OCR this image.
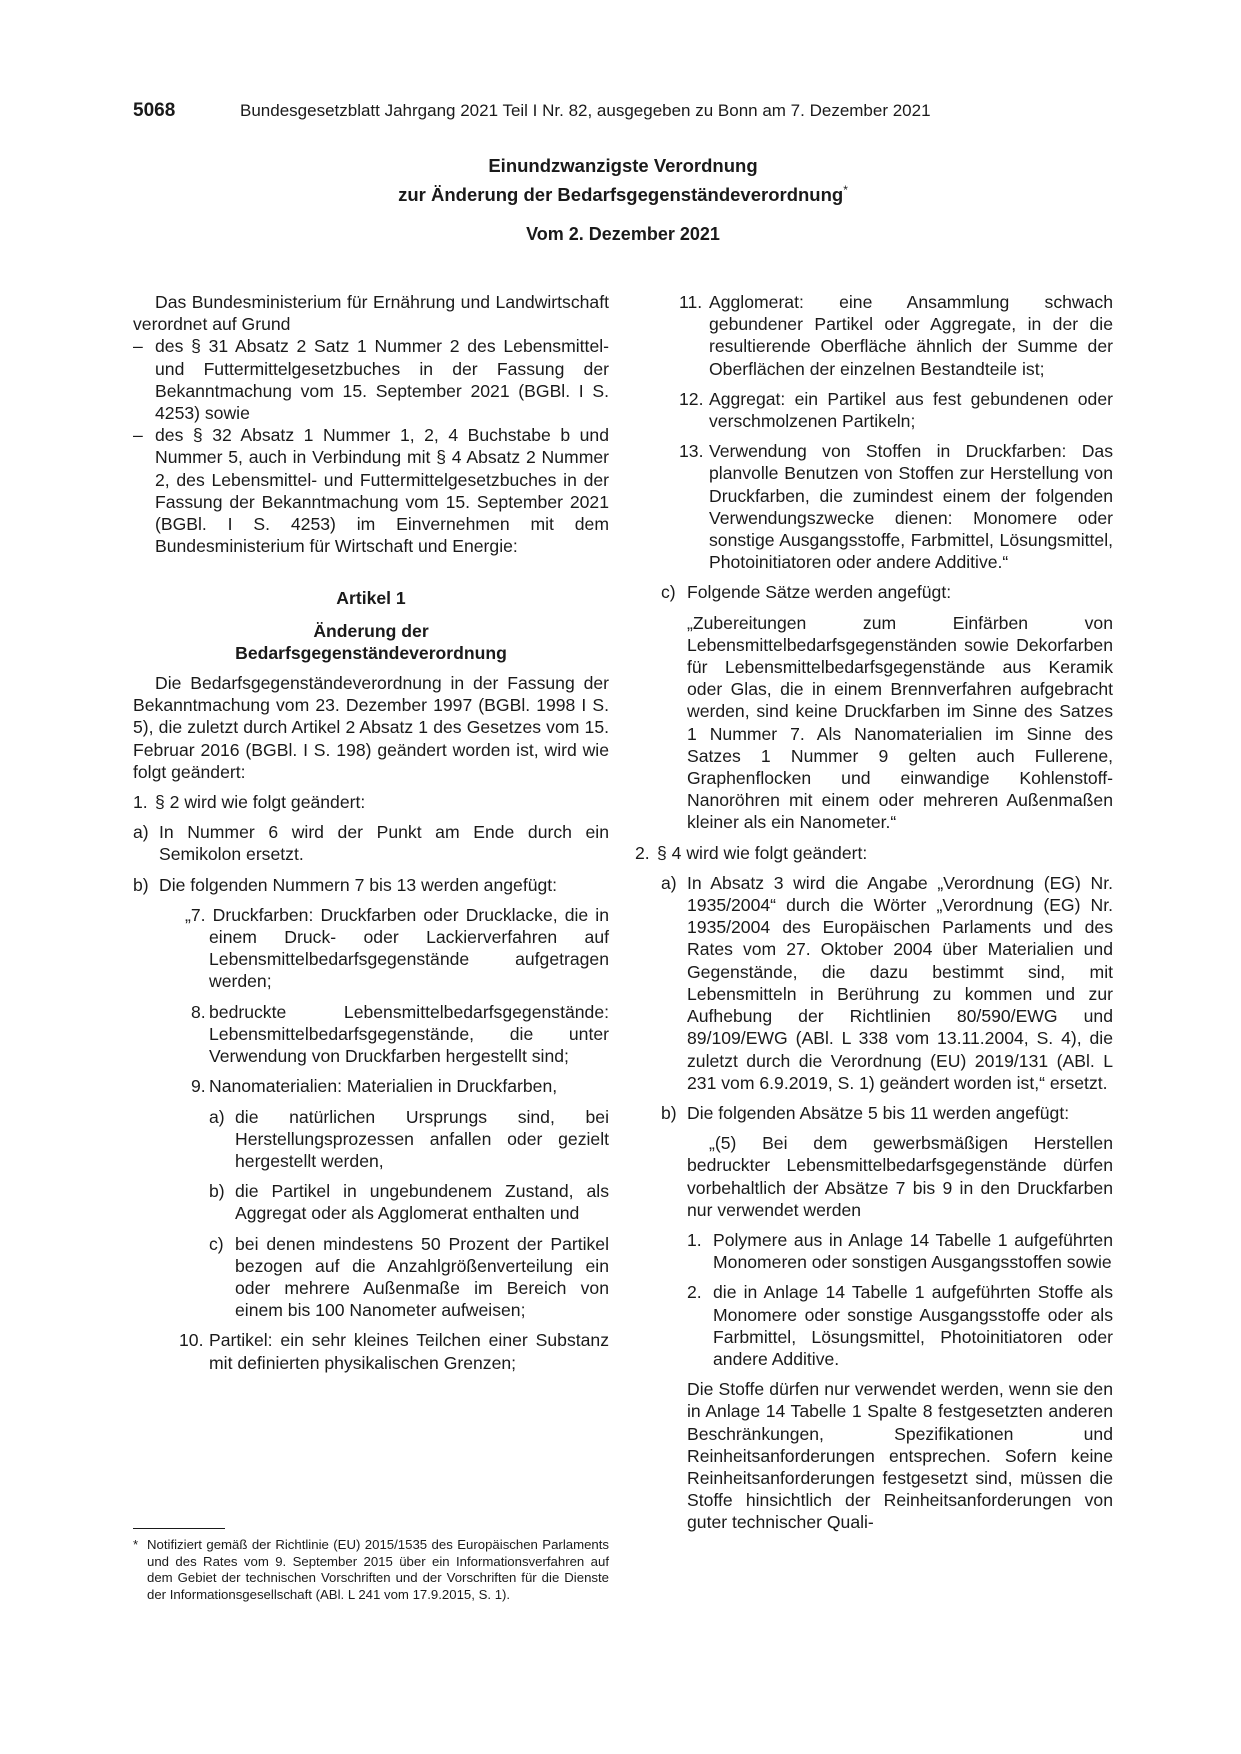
5068	Bundesgesetzblatt Jahrgang 2021 Teil I Nr. 82, ausgegeben zu Bonn am 7. Dezember 2021
Einundzwanzigste Verordnung
zur Änderung der Bedarfsgegenständeverordnung*
Vom 2. Dezember 2021

Das Bundesministerium für Ernährung und Landwirtschaft verordnet auf Grund

– des § 31 Absatz 2 Satz 1 Nummer 2 des Lebensmittel- und Futtermittelgesetzbuches in der Fassung der Bekanntmachung vom 15. September 2021 (BGBl. I S. 4253) sowie

– des § 32 Absatz 1 Nummer 1, 2, 4 Buchstabe b und Nummer 5, auch in Verbindung mit § 4 Absatz 2 Nummer 2, des Lebensmittel- und Futtermittelgesetzbuches in der Fassung der Bekanntmachung vom 15. September 2021 (BGBl. I S. 4253) im Einvernehmen mit dem Bundesministerium für Wirtschaft und Energie:

Artikel 1

Änderung der

Bedarfsgegenständeverordnung

Die Bedarfsgegenständeverordnung in der Fassung der Bekanntmachung vom 23. Dezember 1997 (BGBl. 1998 I S. 5), die zuletzt durch Artikel 2 Absatz 1 des Gesetzes vom 15. Februar 2016 (BGBl. I S. 198) geändert worden ist, wird wie folgt geändert:

1. § 2 wird wie folgt geändert:

a) In Nummer 6 wird der Punkt am Ende durch ein Semikolon ersetzt.

b) Die folgenden Nummern 7 bis 13 werden angefügt:

„7. Druckfarben: Druckfarben oder Drucklacke, die in einem Druck- oder Lackierverfahren auf Lebensmittelbedarfsgegenstände aufgetragen werden;

8. bedruckte Lebensmittelbedarfsgegenstände: Lebensmittelbedarfsgegenstände, die unter Verwendung von Druckfarben hergestellt sind;

9. Nanomaterialien: Materialien in Druckfarben,

a) die natürlichen Ursprungs sind, bei Herstellungsprozessen anfallen oder gezielt hergestellt werden,

b) die Partikel in ungebundenem Zustand, als Aggregat oder als Agglomerat enthalten und

c) bei denen mindestens 50 Prozent der Partikel bezogen auf die Anzahlgrößenverteilung ein oder mehrere Außenmaße im Bereich von einem bis 100 Nanometer aufweisen;

10. Partikel: ein sehr kleines Teilchen einer Substanz mit definierten physikalischen Grenzen;

11. Agglomerat: eine Ansammlung schwach gebundener Partikel oder Aggregate, in der die resultierende Oberfläche ähnlich der Summe der Oberflächen der einzelnen Bestandteile ist;

12. Aggregat: ein Partikel aus fest gebundenen oder verschmolzenen Partikeln;

13. Verwendung von Stoffen in Druckfarben: Das planvolle Benutzen von Stoffen zur Herstellung von Druckfarben, die zumindest einem der folgenden Verwendungszwecke dienen: Monomere oder sonstige Ausgangsstoffe, Farbmittel, Lösungsmittel, Photoinitiatoren oder andere Additive.“

c) Folgende Sätze werden angefügt:

„Zubereitungen zum Einfärben von Lebensmittelbedarfsgegenständen sowie Dekorfarben für Lebensmittelbedarfsgegenstände aus Keramik oder Glas, die in einem Brennverfahren aufgebracht werden, sind keine Druckfarben im Sinne des Satzes 1 Nummer 7. Als Nanomaterialien im Sinne des Satzes 1 Nummer 9 gelten auch Fullerene, Graphenflocken und einwandige Kohlenstoff-Nanoröhren mit einem oder mehreren Außenmaßen kleiner als ein Nanometer.“

2. § 4 wird wie folgt geändert:

a) In Absatz 3 wird die Angabe „Verordnung (EG) Nr. 1935/2004“ durch die Wörter „Verordnung (EG) Nr. 1935/2004 des Europäischen Parlaments und des Rates vom 27. Oktober 2004 über Materialien und Gegenstände, die dazu bestimmt sind, mit Lebensmitteln in Berührung zu kommen und zur Aufhebung der Richtlinien 80/590/EWG und 89/109/EWG (ABl. L 338 vom 13.11.2004, S. 4), die zuletzt durch die Verordnung (EU) 2019/131 (ABl. L 231 vom 6.9.2019, S. 1) geändert worden ist,“ ersetzt.

b) Die folgenden Absätze 5 bis 11 werden angefügt:

„(5) Bei dem gewerbsmäßigen Herstellen bedruckter Lebensmittelbedarfsgegenstände dürfen vorbehaltlich der Absätze 7 bis 9 in den Druckfarben nur verwendet werden

1. Polymere aus in Anlage 14 Tabelle 1 aufgeführten Monomeren oder sonstigen Ausgangsstoffen sowie

2. die in Anlage 14 Tabelle 1 aufgeführten Stoffe als Monomere oder sonstige Ausgangsstoffe oder als Farbmittel, Lösungsmittel, Photoinitiatoren oder andere Additive.

Die Stoffe dürfen nur verwendet werden, wenn sie den in Anlage 14 Tabelle 1 Spalte 8 festgesetzten anderen Beschränkungen, Spezifikationen und Reinheitsanforderungen entsprechen. Sofern keine Reinheitsanforderungen festgesetzt sind, müssen die Stoffe hinsichtlich der Reinheitsanforderungen von guter technischer Quali-

* Notifiziert gemäß der Richtlinie (EU) 2015/1535 des Europäischen Parlaments und des Rates vom 9. September 2015 über ein Informationsverfahren auf dem Gebiet der technischen Vorschriften und der Vorschriften für die Dienste der Informationsgesellschaft (ABl. L 241 vom 17.9.2015, S. 1).
